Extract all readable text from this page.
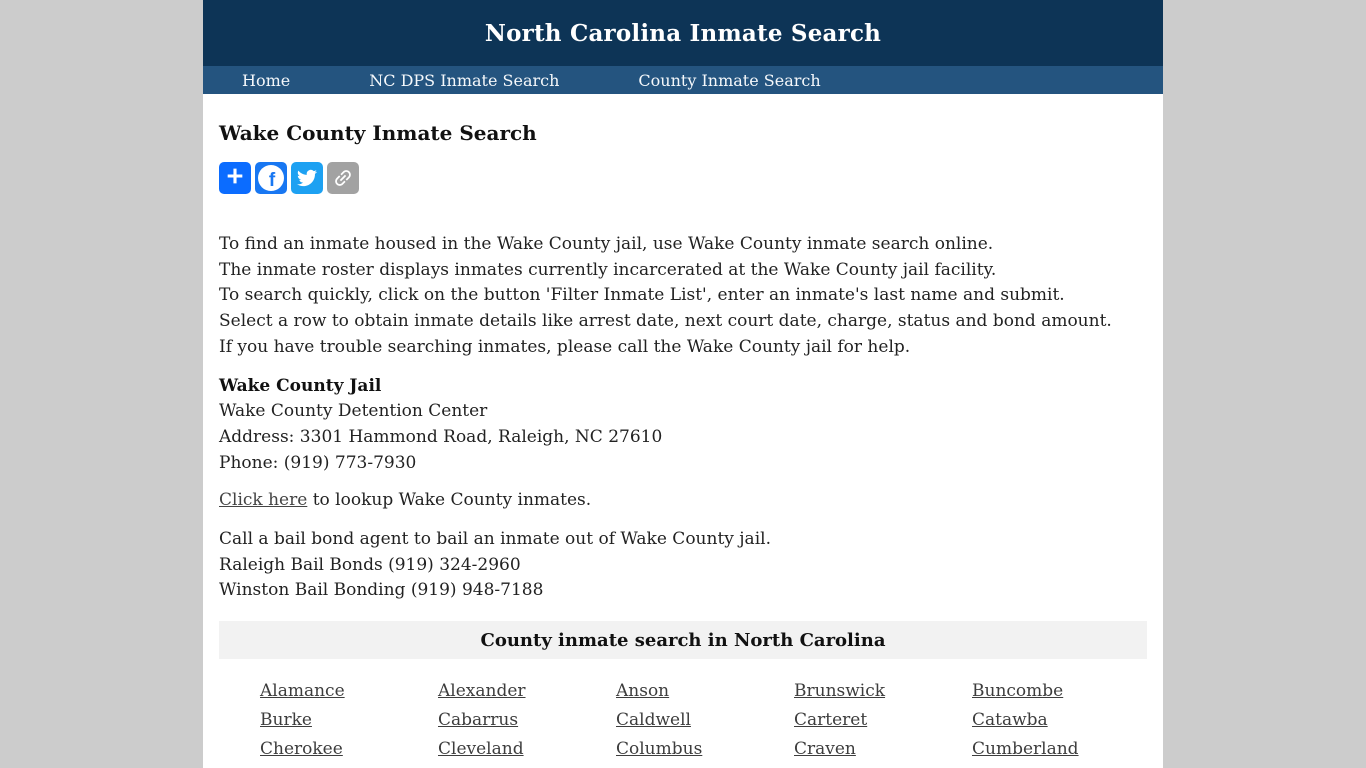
North Carolina Inmate Search
Home	NC DPS Inmate Search	County Inmate Search
Wake County Inmate Search
f
To find an inmate housed in the Wake County jail, use Wake County inmate search online.
The inmate roster displays inmates currently incarcerated at the Wake County jail facility.
To search quickly, click on the button 'Filter Inmate List', enter an inmate's last name and submit.
Select a row to obtain inmate details like arrest date, next court date, charge, status and bond amount.
If you have trouble searching inmates, please call the Wake County jail for help.
Wake County Jail
Wake County Detention Center
Address: 3301 Hammond Road, Raleigh, NC 27610
Phone: (919) 773-7930
Click here to lookup Wake County inmates.
Call a bail bond agent to bail an inmate out of Wake County jail.
Raleigh Bail Bonds (919) 324-2960
Winston Bail Bonding (919) 948-7188
County inmate search in North Carolina
Alamance	Alexander	Anson	Brunswick	Buncombe
Burke	Cabarrus	Caldwell	Carteret	Catawba
Cherokee	Cleveland	Columbus	Craven	Cumberland
